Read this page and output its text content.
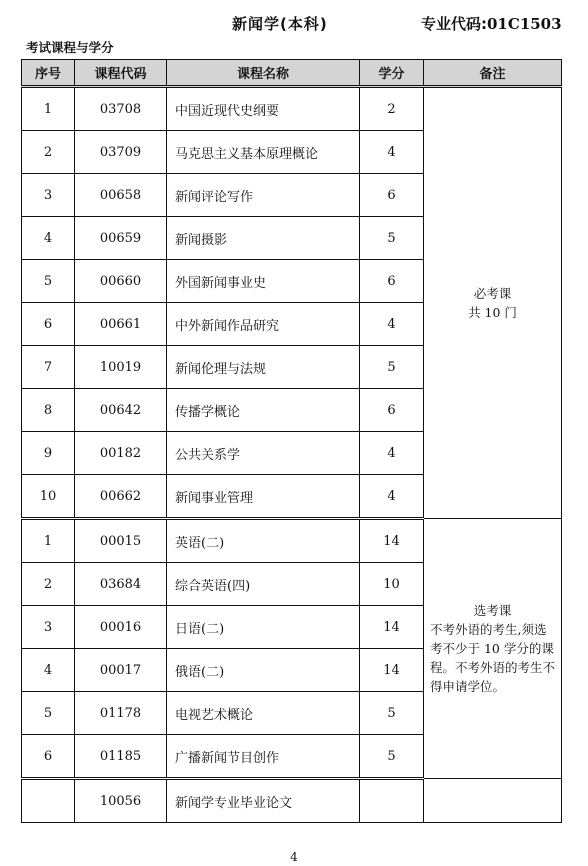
新闻学(本科)	专业代码:01C1503
考试课程与学分
序号	课程代码	课程名称	学分	备注
1	03708	中国近现代史纲要	2	必考课
共 10 门

2	03709	马克思主义基本原理概论	4	
3	00658	新闻评论写作	6	
4	00659	新闻摄影	5	
5	00660	外国新闻事业史	6	
6	00661	中外新闻作品研究	4	
7	10019	新闻伦理与法规	5	
8	00642	传播学概论	6	
9	00182	公共关系学	4	
10	00662	新闻事业管理	4	
1	00015	英语(二)	14	选考课
不考外语的考生,须选考不少于 10 学分的课程。不考外语的考生不得申请学位。

2	03684	综合英语(四)	10	
3	00016	日语(二)	14	
4	00017	俄语(二)	14	
5	01178	电视艺术概论	5	
6	01185	广播新闻节目创作	5	
	10056	新闻学专业毕业论文		
4
